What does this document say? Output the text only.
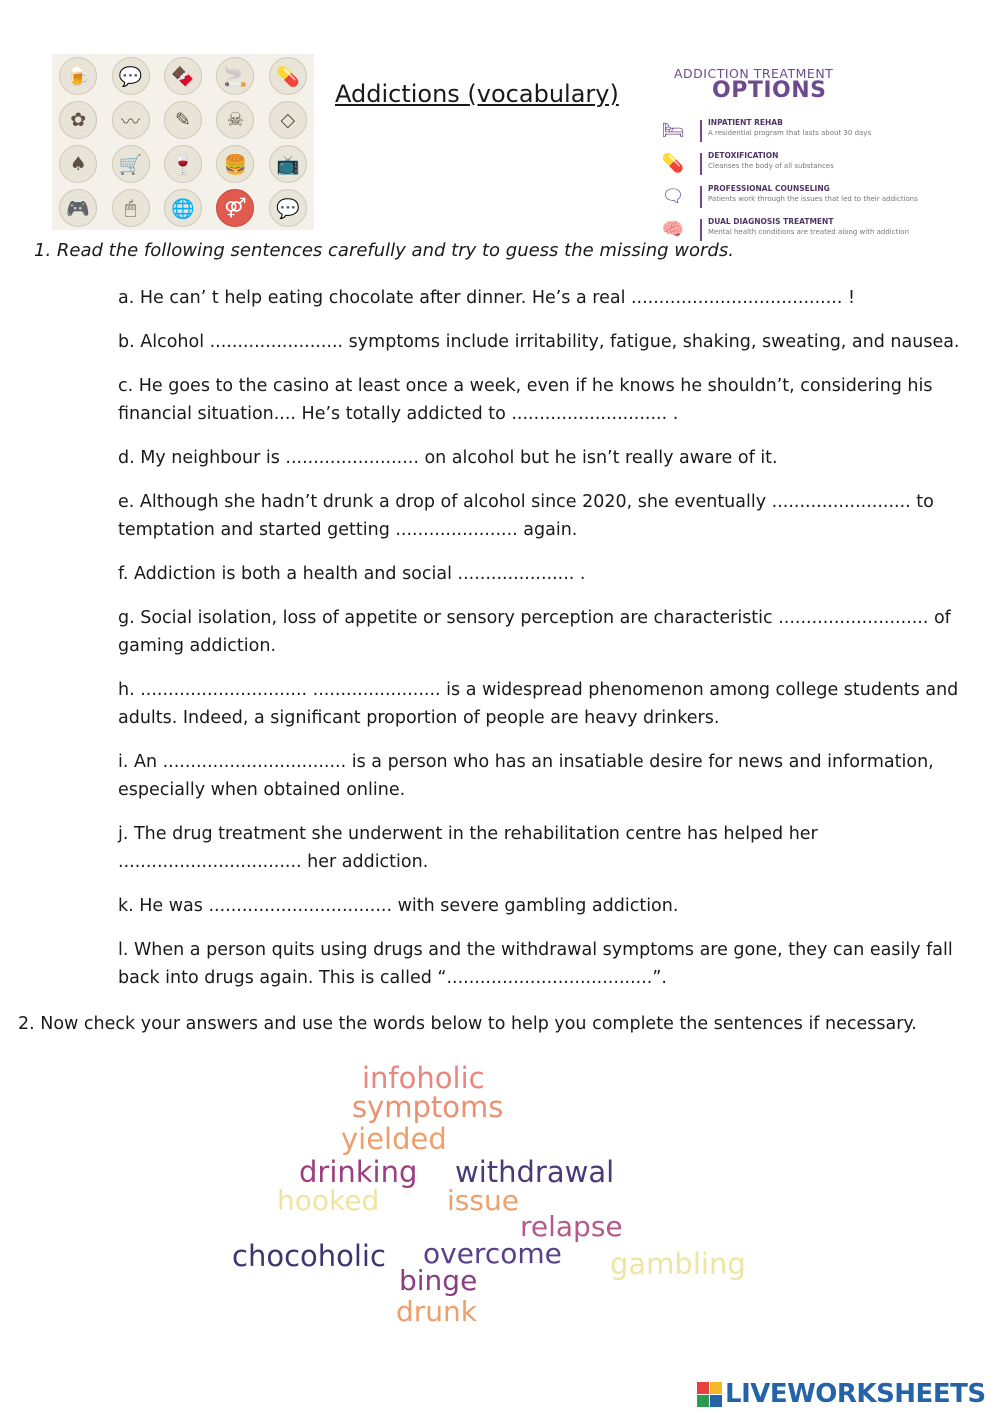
🍺	💬	🍫	🚬	💊
✿	〰	✎	☠	◇
♠	🛒	🍷	🍔	📺
🎮	🖱	🌐	⚤	💬
Addictions (vocabulary)
ADDICTION TREATMENT
OPTIONS
🛏	INPATIENT REHAB
A residential program that lasts about 30 days
💊	DETOXIFICATION
Cleanses the body of all substances
🗨	PROFESSIONAL COUNSELING
Patients work through the issues that led to their addictions
🧠	DUAL DIAGNOSIS TREATMENT
Mental health conditions are treated along with addiction

1. Read the following sentences carefully and try to guess the missing words.

a. He can’ t help eating chocolate after dinner. He’s a real ...................................... !
b. Alcohol ........................ symptoms include irritability, fatigue, shaking, sweating, and nausea.
c. He goes to the casino at least once a week, even if he knows he shouldn’t, considering his financial situation.... He’s totally addicted to ............................ .
d. My neighbour is ........................ on alcohol but he isn’t really aware of it.
e. Although she hadn’t drunk a drop of alcohol since 2020, she eventually ......................... to temptation and started getting ...................... again.
f. Addiction is both a health and social ..................... .
g. Social isolation, loss of appetite or sensory perception are characteristic ........................... of gaming addiction.
h. .............................. ....................... is a widespread phenomenon among college students and adults. Indeed, a significant proportion of people are heavy drinkers.
i. An ................................. is a person who has an insatiable desire for news and information, especially when obtained online.
j. The drug treatment she underwent in the rehabilitation centre has helped her ................................. her addiction.
k. He was ................................. with severe gambling addiction.
l. When a person quits using drugs and the withdrawal symptoms are gone, they can easily fall back into drugs again. This is called “.....................................”.

2. Now check your answers and use the words below to help you complete the sentences if necessary.

infoholic
symptoms
yielded
drinking withdrawal
hooked issue
relapse
chocoholic overcome gambling
binge
drunk
LIVEWORKSHEETS
